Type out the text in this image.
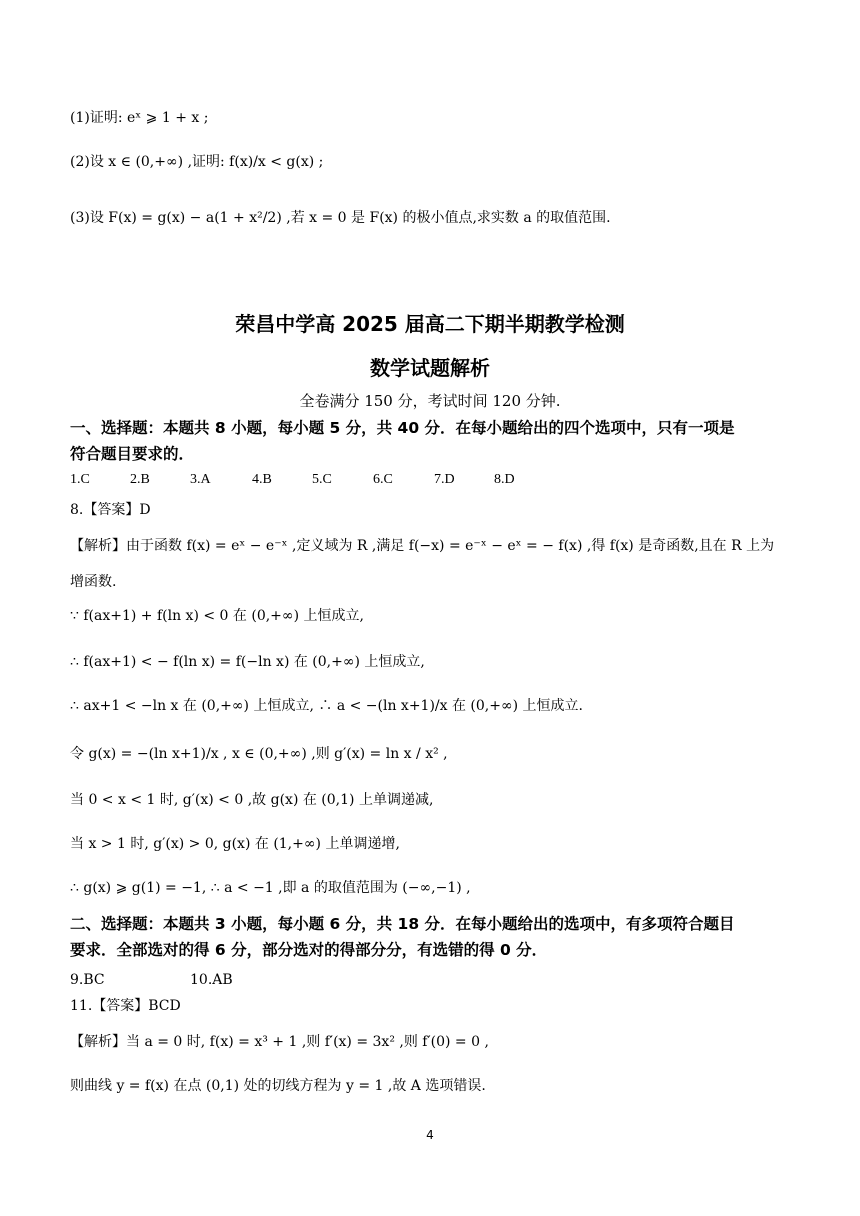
(1)证明: eˣ ⩾ 1 + x ;
(2)设 x ∈ (0,+∞) ,证明: f(x)/x < g(x) ;
(3)设 F(x) = g(x) − a(1 + x²/2) ,若 x = 0 是 F(x) 的极小值点,求实数 a 的取值范围.
荣昌中学高 2025 届高二下期半期教学检测
数学试题解析
全卷满分 150 分，考试时间 120 分钟.
一、选择题：本题共 8 小题，每小题 5 分，共 40 分．在每小题给出的四个选项中，只有一项是
符合题目要求的．
1.C	2.B	3.A	4.B	5.C	6.C	7.D	8.D
8.【答案】D
【解析】由于函数 f(x) = eˣ − e⁻ˣ ,定义域为 R ,满足 f(−x) = e⁻ˣ − eˣ = − f(x) ,得 f(x) 是奇函数,且在 R 上为
增函数.
∵ f(ax+1) + f(ln x) < 0 在 (0,+∞) 上恒成立,
∴ f(ax+1) < − f(ln x) = f(−ln x) 在 (0,+∞) 上恒成立,
∴ ax+1 < −ln x 在 (0,+∞) 上恒成立, ∴ a < −(ln x+1)/x 在 (0,+∞) 上恒成立.
令 g(x) = −(ln x+1)/x , x ∈ (0,+∞) ,则 g′(x) = ln x / x² ,
当 0 < x < 1 时, g′(x) < 0 ,故 g(x) 在 (0,1) 上单调递减,
当 x > 1 时, g′(x) > 0, g(x) 在 (1,+∞) 上单调递增,
∴ g(x) ⩾ g(1) = −1, ∴ a < −1 ,即 a 的取值范围为 (−∞,−1) ,
二、选择题：本题共 3 小题，每小题 6 分，共 18 分．在每小题给出的选项中，有多项符合题目
要求．全部选对的得 6 分，部分选对的得部分分，有选错的得 0 分．
9.BC	10.AB
11.【答案】BCD
【解析】当 a = 0 时, f(x) = x³ + 1 ,则 f′(x) = 3x² ,则 f′(0) = 0 ,
则曲线 y = f(x) 在点 (0,1) 处的切线方程为 y = 1 ,故 A 选项错误.
4
